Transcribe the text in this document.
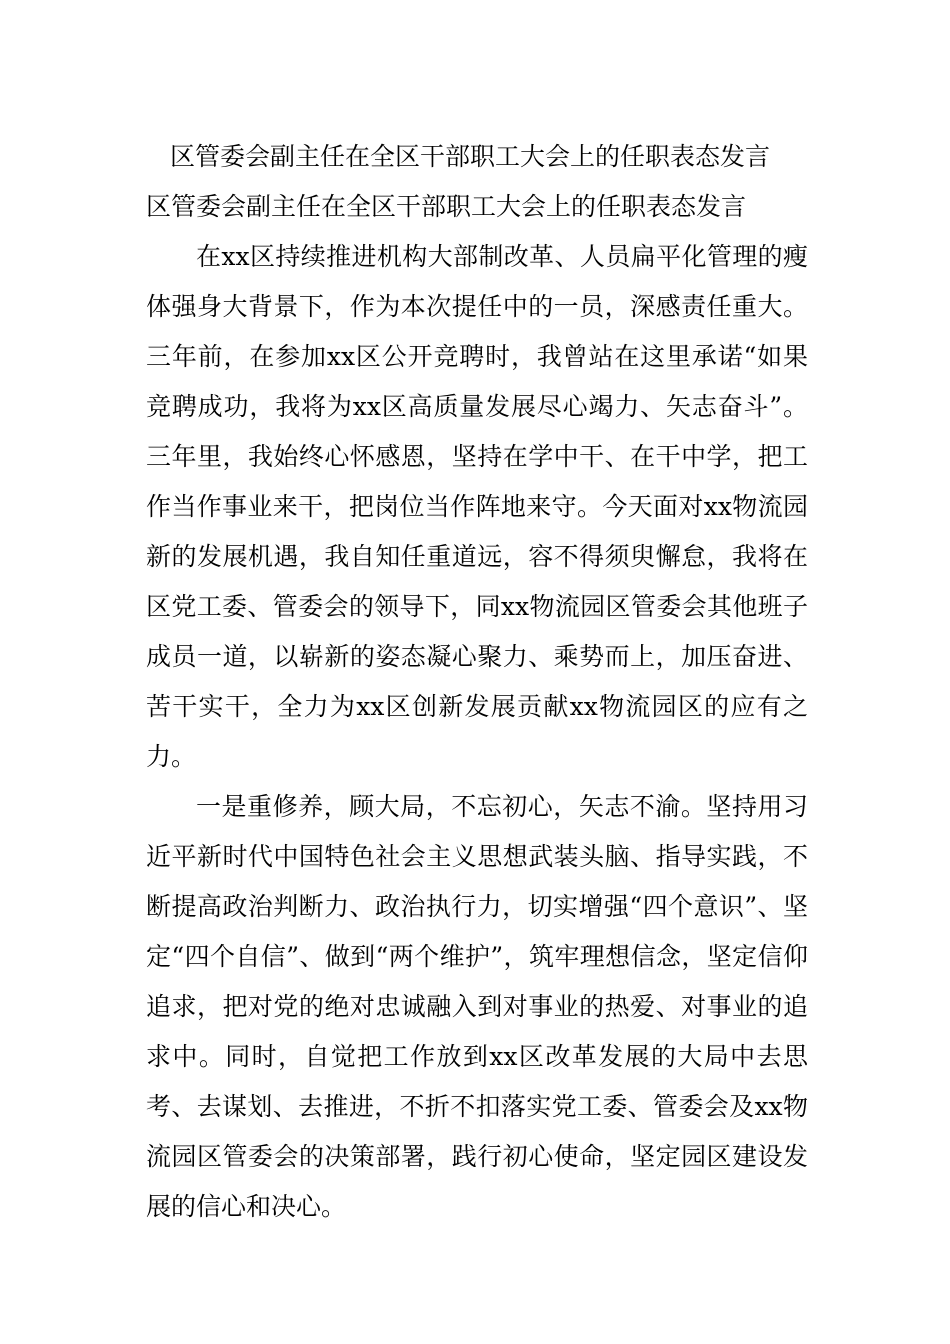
区管委会副主任在全区干部职工大会上的任职表态发言

区管委会副主任在全区干部职工大会上的任职表态发言

在xx区持续推进机构大部制改革、人员扁平化管理的瘦体强身大背景下，作为本次提任中的一员，深感责任重大。三年前，在参加xx区公开竞聘时，我曾站在这里承诺“如果竞聘成功，我将为xx区高质量发展尽心竭力、矢志奋斗”。三年里，我始终心怀感恩，坚持在学中干、在干中学，把工作当作事业来干，把岗位当作阵地来守。今天面对xx物流园新的发展机遇，我自知任重道远，容不得须臾懈怠，我将在区党工委、管委会的领导下，同xx物流园区管委会其他班子成员一道，以崭新的姿态凝心聚力、乘势而上，加压奋进、苦干实干，全力为xx区创新发展贡献xx物流园区的应有之力。

一是重修养，顾大局，不忘初心，矢志不渝。坚持用习近平新时代中国特色社会主义思想武装头脑、指导实践，不断提高政治判断力、政治执行力，切实增强“四个意识”、坚定“四个自信”、做到“两个维护”，筑牢理想信念，坚定信仰追求，把对党的绝对忠诚融入到对事业的热爱、对事业的追求中。同时，自觉把工作放到xx区改革发展的大局中去思考、去谋划、去推进，不折不扣落实党工委、管委会及xx物流园区管委会的决策部署，践行初心使命，坚定园区建设发展的信心和决心。
